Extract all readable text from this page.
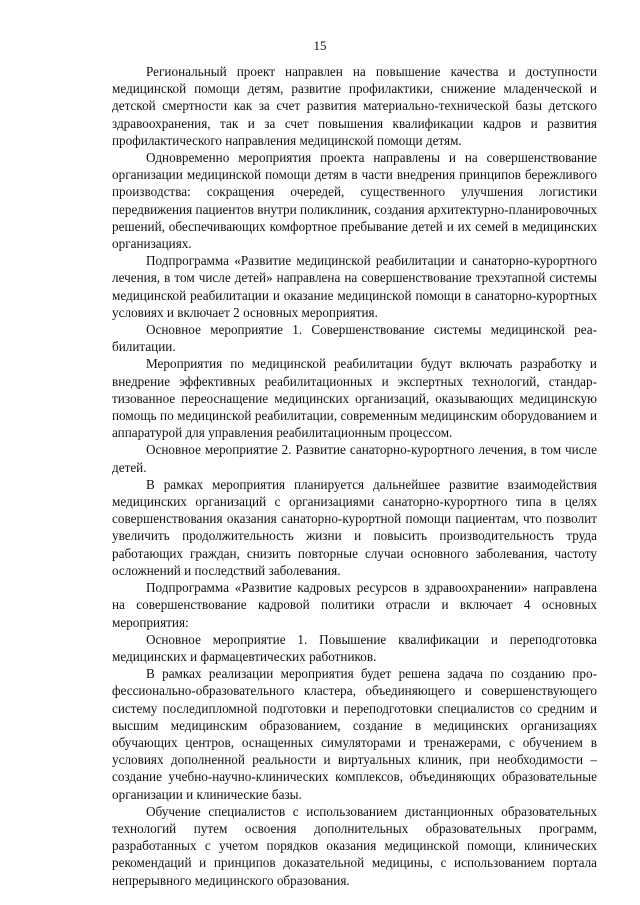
15

Региональный проект направлен на повышение качества и доступности медицинской помощи детям, развитие профилактики, снижение младенческой и детской смертности как за счет развития материально-технической базы детского здравоохранения, так и за счет повышения квалификации кадров и развития профилактического направления медицинской помощи детям.

Одновременно мероприятия проекта направлены и на совершенствование организации медицинской помощи детям в части внедрения принципов бережливого производства: сокращения очередей, существенного улучшения логистики передвижения пациентов внутри поликлиник, создания архитектурно-планировочных решений, обеспечивающих комфортное пребывание детей и их семей в медицинских организациях.

Подпрограмма «Развитие медицинской реабилитации и санаторно-курортного лечения, в том числе детей» направлена на совершенствование трехэтапной системы медицинской реабилитации и оказание медицинской помощи в санаторно-курортных условиях и включает 2 основных мероприятия.

Основное мероприятие 1. Совершенствование системы медицинской реабилитации.

Мероприятия по медицинской реабилитации будут включать разработку и внедрение эффективных реабилитационных и экспертных технологий, стандартизованное переоснащение медицинских организаций, оказывающих медицинскую помощь по медицинской реабилитации, современным медицинским оборудованием и аппаратурой для управления реабилитационным процессом.

Основное мероприятие 2. Развитие санаторно-курортного лечения, в том числе детей.

В рамках мероприятия планируется дальнейшее развитие взаимодействия медицинских организаций с организациями санаторно-курортного типа в целях совершенствования оказания санаторно-курортной помощи пациентам, что позволит увеличить продолжительность жизни и повысить производительность труда работающих граждан, снизить повторные случаи основного заболевания, частоту осложнений и последствий заболевания.

Подпрограмма «Развитие кадровых ресурсов в здравоохранении» направлена на совершенствование кадровой политики отрасли и включает 4 основных мероприятия:

Основное мероприятие 1. Повышение квалификации и переподготовка медицинских и фармацевтических работников.

В рамках реализации мероприятия будет решена задача по созданию профессионально-образовательного кластера, объединяющего и совершенствующего систему последипломной подготовки и переподготовки специалистов со средним и высшим медицинским образованием, создание в медицинских организациях обучающих центров, оснащенных симуляторами и тренажерами, с обучением в условиях дополненной реальности и виртуальных клиник, при необходимости – создание учебно-научно-клинических комплексов, объединяющих образовательные организации и клинические базы.

Обучение специалистов с использованием дистанционных образовательных технологий путем освоения дополнительных образовательных программ, разработанных с учетом порядков оказания медицинской помощи, клинических рекомендаций и принципов доказательной медицины, с использованием портала непрерывного медицинского образования.
